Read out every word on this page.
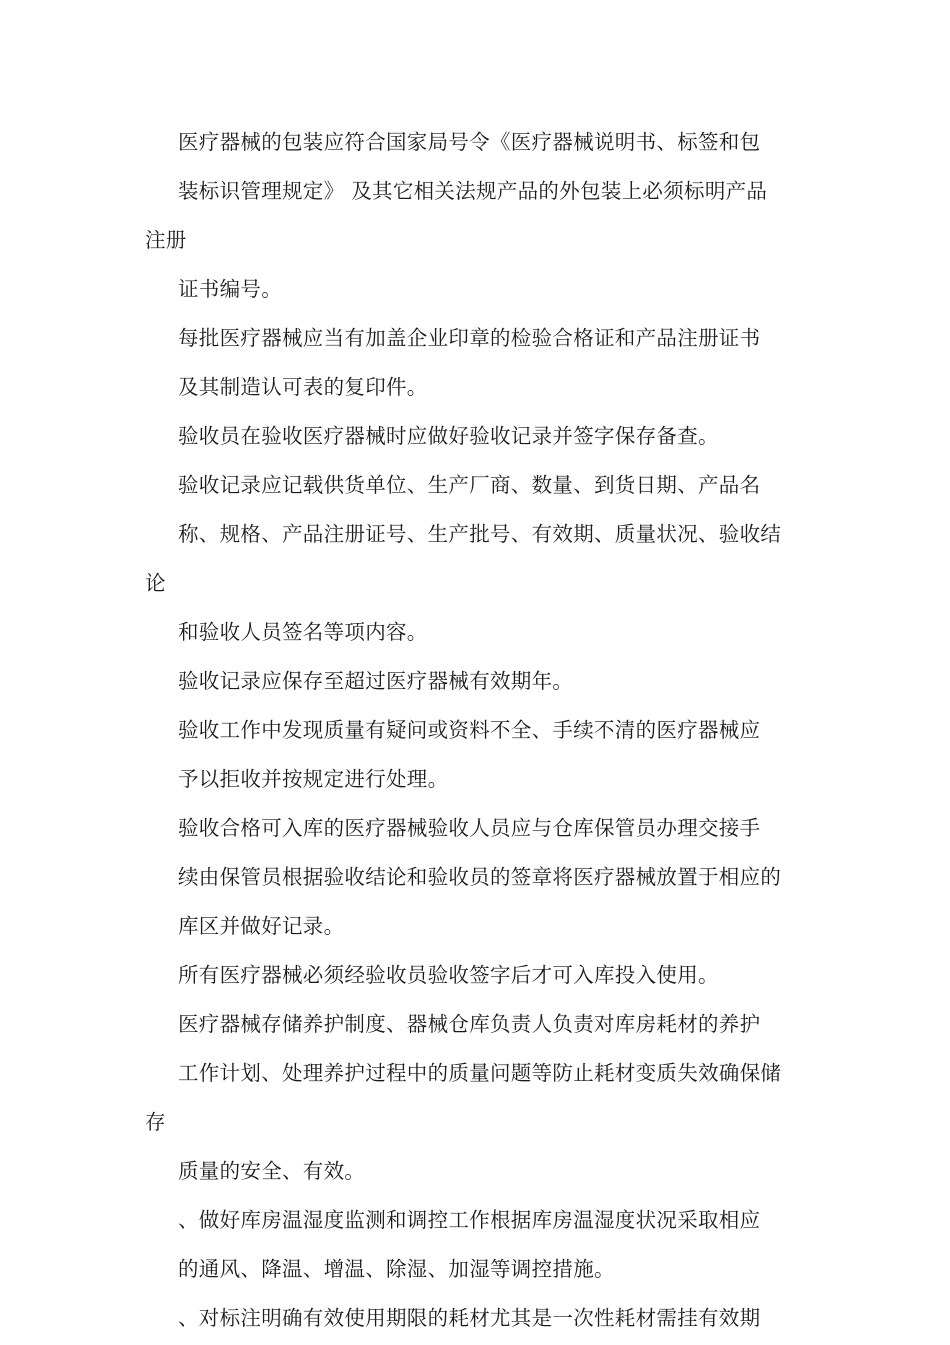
医疗器械的包装应符合国家局号令《医疗器械说明书、标签和包
装标识管理规定》 及其它相关法规产品的外包装上必须标明产品注册
证书编号。

每批医疗器械应当有加盖企业印章的检验合格证和产品注册证书
及其制造认可表的复印件。

验收员在验收医疗器械时应做好验收记录并签字保存备查。

验收记录应记载供货单位、生产厂商、数量、到货日期、产品名
称、规格、产品注册证号、生产批号、有效期、质量状况、验收结论
和验收人员签名等项内容。

验收记录应保存至超过医疗器械有效期年。

验收工作中发现质量有疑问或资料不全、手续不清的医疗器械应
予以拒收并按规定进行处理。

验收合格可入库的医疗器械验收人员应与仓库保管员办理交接手
续由保管员根据验收结论和验收员的签章将医疗器械放置于相应的
库区并做好记录。

所有医疗器械必须经验收员验收签字后才可入库投入使用。

医疗器械存储养护制度、器械仓库负责人负责对库房耗材的养护
工作计划、处理养护过程中的质量问题等防止耗材变质失效确保储存
质量的安全、有效。

、做好库房温湿度监测和调控工作根据库房温湿度状况采取相应
的通风、降温、增温、除湿、加湿等调控措施。

、对标注明确有效使用期限的耗材尤其是一次性耗材需挂有效期
